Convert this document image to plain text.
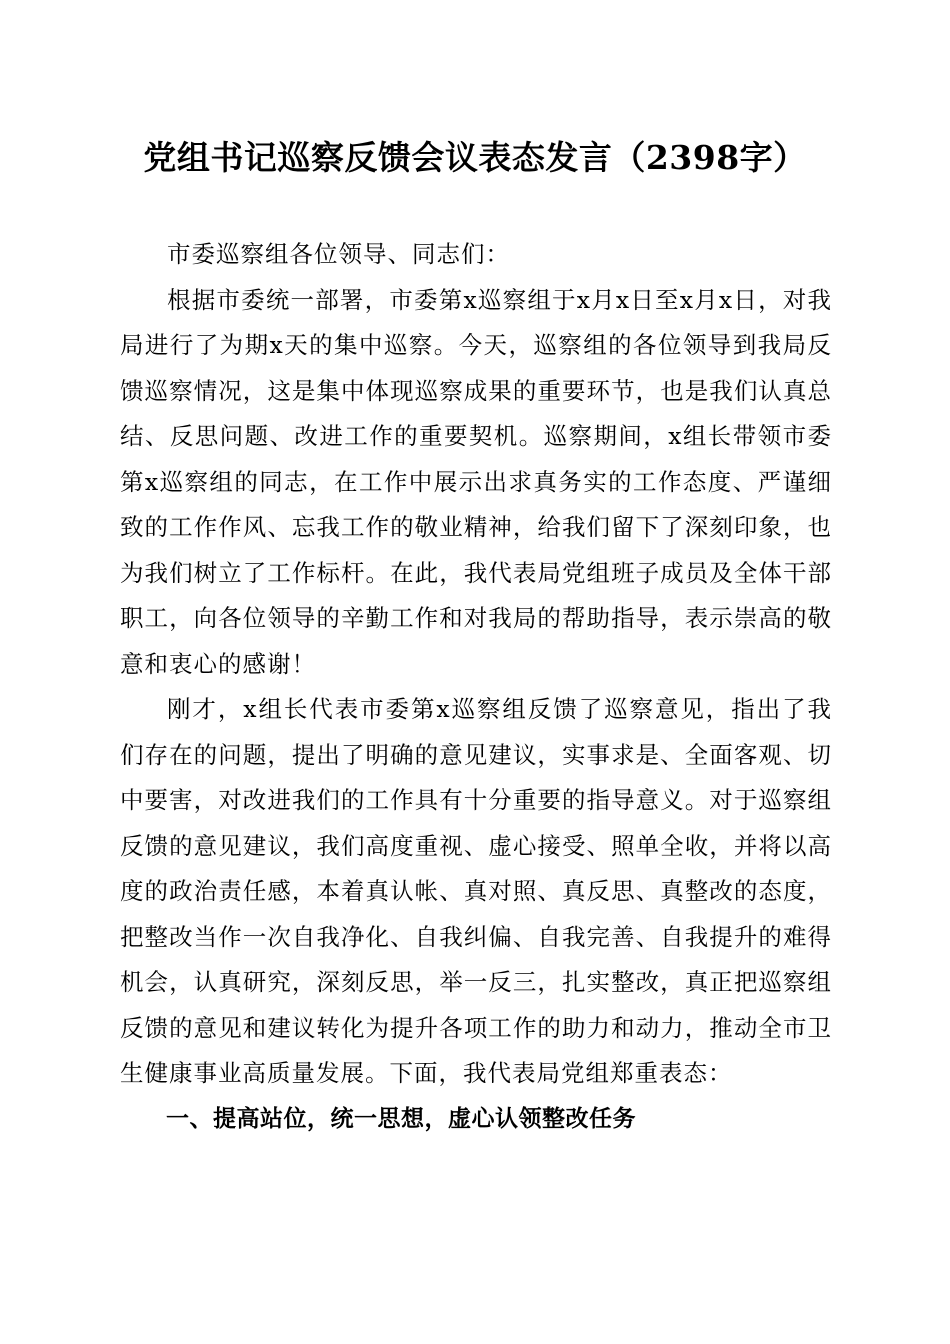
党组书记巡察反馈会议表态发言（2398字）

市委巡察组各位领导、同志们：

根据市委统一部署，市委第x巡察组于x月x日至x月x日，对我局进行了为期x天的集中巡察。今天，巡察组的各位领导到我局反馈巡察情况，这是集中体现巡察成果的重要环节，也是我们认真总结、反思问题、改进工作的重要契机。巡察期间，x组长带领市委第x巡察组的同志，在工作中展示出求真务实的工作态度、严谨细致的工作作风、忘我工作的敬业精神，给我们留下了深刻印象，也为我们树立了工作标杆。在此，我代表局党组班子成员及全体干部职工，向各位领导的辛勤工作和对我局的帮助指导，表示崇高的敬意和衷心的感谢！

刚才，x组长代表市委第x巡察组反馈了巡察意见，指出了我们存在的问题，提出了明确的意见建议，实事求是、全面客观、切中要害，对改进我们的工作具有十分重要的指导意义。对于巡察组反馈的意见建议，我们高度重视、虚心接受、照单全收，并将以高度的政治责任感，本着真认帐、真对照、真反思、真整改的态度，把整改当作一次自我净化、自我纠偏、自我完善、自我提升的难得机会，认真研究，深刻反思，举一反三，扎实整改，真正把巡察组反馈的意见和建议转化为提升各项工作的助力和动力，推动全市卫生健康事业高质量发展。下面，我代表局党组郑重表态：

一、提高站位，统一思想，虚心认领整改任务
